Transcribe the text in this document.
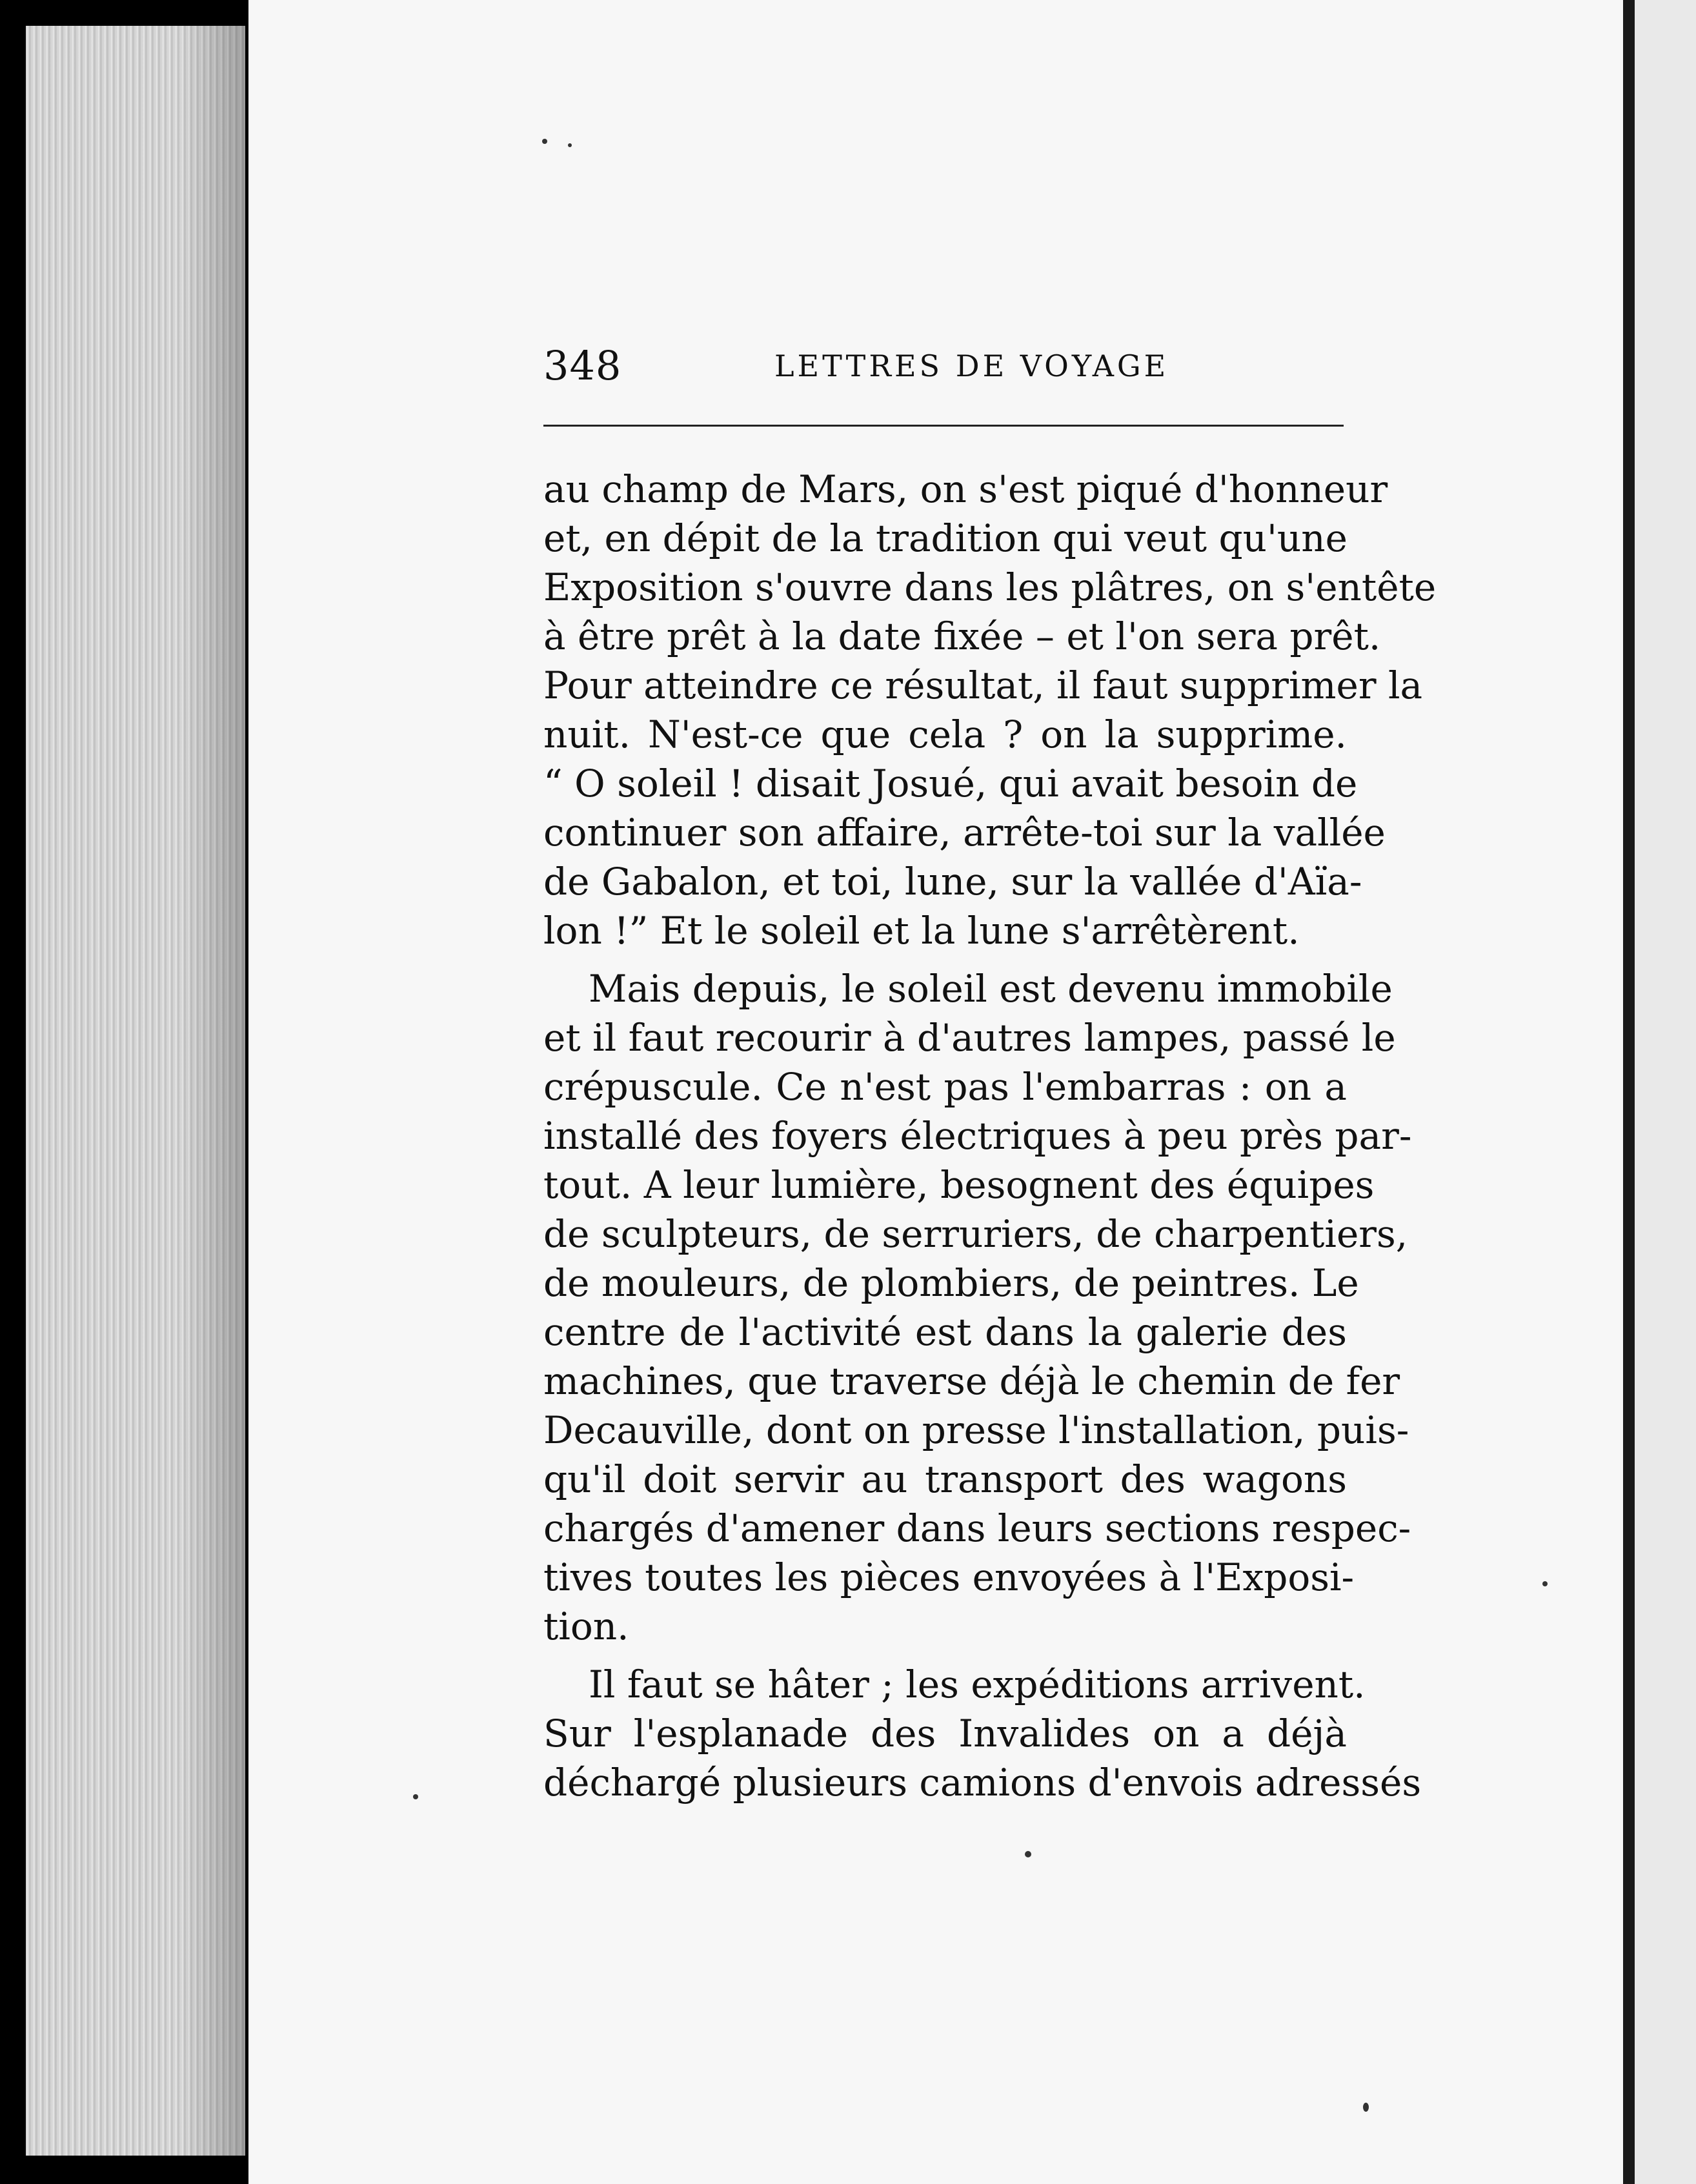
348	LETTRES DE VOYAGE
au champ de Mars, on s'est piqué d'honneur
et, en dépit de la tradition qui veut qu'une
Exposition s'ouvre dans les plâtres, on s'entête
à être prêt à la date fixée – et l'on sera prêt.
Pour atteindre ce résultat, il faut supprimer la
nuit. N'est-ce que cela ? on la supprime.
“ O soleil ! disait Josué, qui avait besoin de
continuer son affaire, arrête-toi sur la vallée
de Gabalon, et toi, lune, sur la vallée d'Aïa-
lon !” Et le soleil et la lune s'arrêtèrent.
Mais depuis, le soleil est devenu immobile
et il faut recourir à d'autres lampes, passé le
crépuscule. Ce n'est pas l'embarras : on a
installé des foyers électriques à peu près par-
tout. A leur lumière, besognent des équipes
de sculpteurs, de serruriers, de charpentiers,
de mouleurs, de plombiers, de peintres. Le
centre de l'activité est dans la galerie des
machines, que traverse déjà le chemin de fer
Decauville, dont on presse l'installation, puis-
qu'il doit servir au transport des wagons
chargés d'amener dans leurs sections respec-
tives toutes les pièces envoyées à l'Exposi-
tion.
Il faut se hâter ; les expéditions arrivent.
Sur l'esplanade des Invalides on a déjà
déchargé plusieurs camions d'envois adressés
